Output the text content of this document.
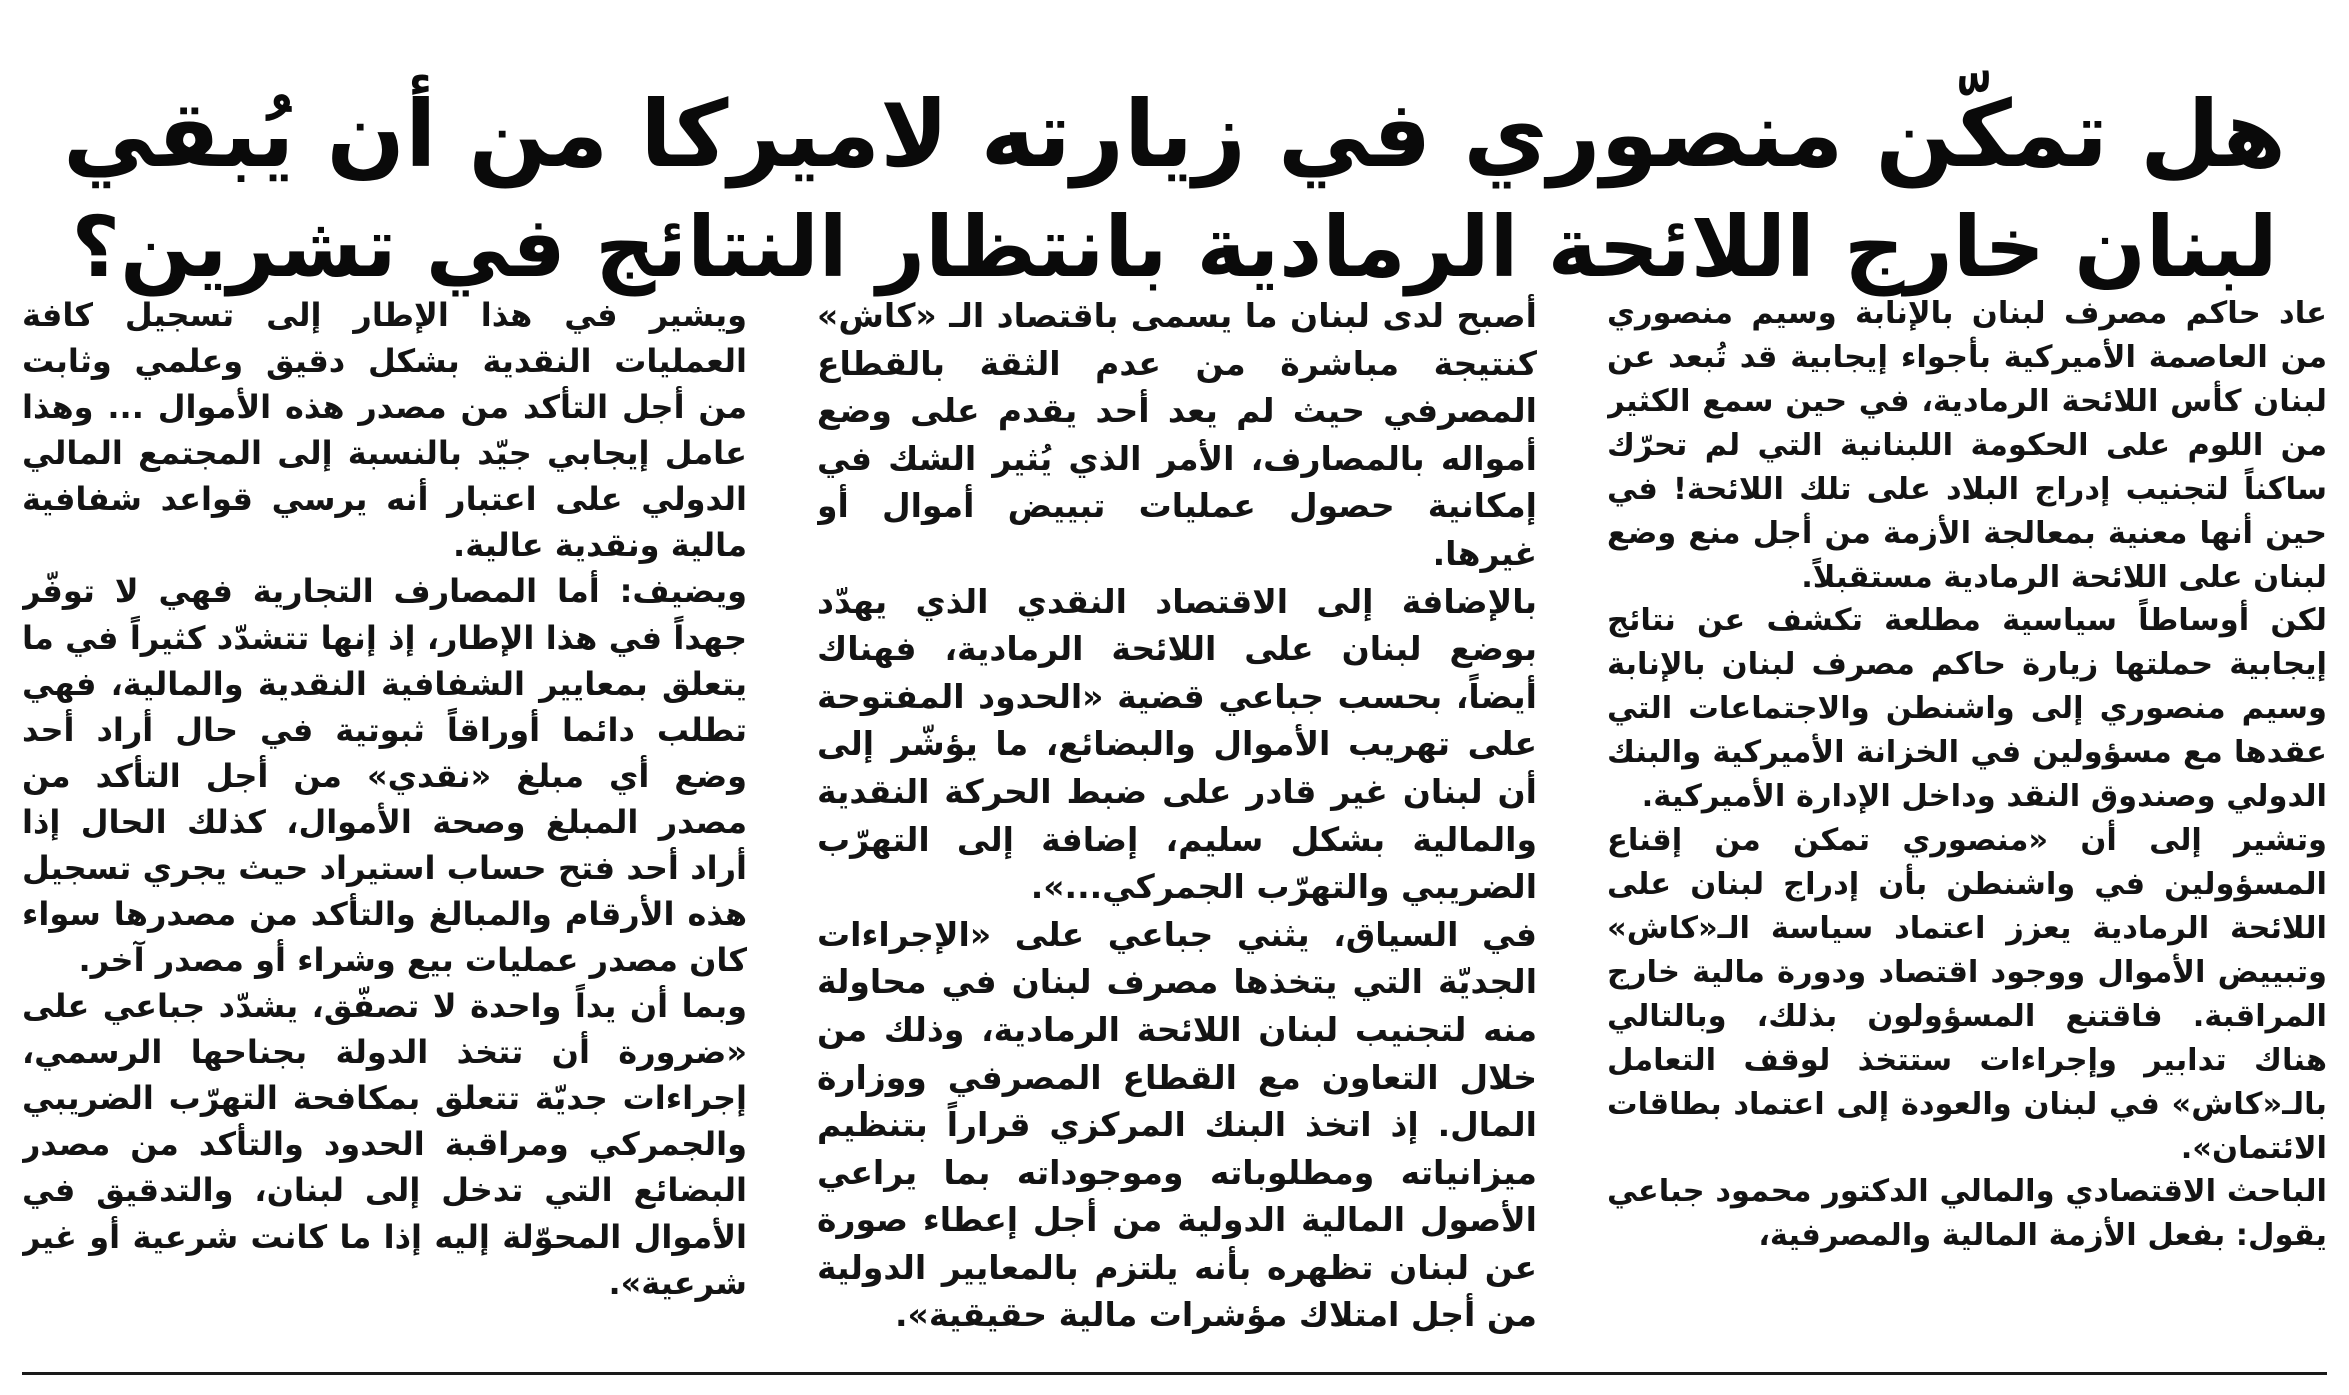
هل تمكّن منصوري في زيارته لاميركا من أن يُبقي
لبنان خارج اللائحة الرمادية بانتظار النتائج في تشرين؟

عاد حاكم مصرف لبنان بالإنابة وسيم منصوري من العاصمة الأميركية بأجواء إيجابية قد تُبعد عن لبنان كأس اللائحة الرمادية، في حين سمع الكثير من اللوم على الحكومة اللبنانية التي لم تحرّك ساكناً لتجنيب إدراج البلاد على تلك اللائحة! في حين أنها معنية بمعالجة الأزمة من أجل منع وضع لبنان على اللائحة الرمادية مستقبلاً.

لكن أوساطاً سياسية مطلعة تكشف عن نتائج إيجابية حملتها زيارة حاكم مصرف لبنان بالإنابة وسيم منصوري إلى واشنطن والاجتماعات التي عقدها مع مسؤولين في الخزانة الأميركية والبنك الدولي وصندوق النقد وداخل الإدارة الأميركية.

وتشير إلى أن «منصوري تمكن من إقناع المسؤولين في واشنطن بأن إدراج لبنان على اللائحة الرمادية يعزز اعتماد سياسة الـ«كاش» وتبييض الأموال ووجود اقتصاد ودورة مالية خارج المراقبة. فاقتنع المسؤولون بذلك، وبالتالي هناك تدابير وإجراءات ستتخذ لوقف التعامل بالـ«كاش» في لبنان والعودة إلى اعتماد بطاقات الائتمان».

الباحث الاقتصادي والمالي الدكتور محمود جباعي يقول: بفعل الأزمة المالية والمصرفية،

أصبح لدى لبنان ما يسمى باقتصاد الـ «كاش» كنتيجة مباشرة من عدم الثقة بالقطاع المصرفي حيث لم يعد أحد يقدم على وضع أمواله بالمصارف، الأمر الذي يُثير الشك في إمكانية حصول عمليات تبييض أموال أو غيرها.

بالإضافة إلى الاقتصاد النقدي الذي يهدّد بوضع لبنان على اللائحة الرمادية، فهناك أيضاً، بحسب جباعي قضية «الحدود المفتوحة على تهريب الأموال والبضائع، ما يؤشّر إلى أن لبنان غير قادر على ضبط الحركة النقدية والمالية بشكل سليم، إضافة إلى التهرّب الضريبي والتهرّب الجمركي...».

في السياق، يثني جباعي على «الإجراءات الجديّة التي يتخذها مصرف لبنان في محاولة منه لتجنيب لبنان اللائحة الرمادية، وذلك من خلال التعاون مع القطاع المصرفي ووزارة المال. إذ اتخذ البنك المركزي قراراً بتنظيم ميزانياته ومطلوباته وموجوداته بما يراعي الأصول المالية الدولية من أجل إعطاء صورة عن لبنان تظهره بأنه يلتزم بالمعايير الدولية من أجل امتلاك مؤشرات مالية حقيقية».

ويشير في هذا الإطار إلى تسجيل كافة العمليات النقدية بشكل دقيق وعلمي وثابت من أجل التأكد من مصدر هذه الأموال ... وهذا عامل إيجابي جيّد بالنسبة إلى المجتمع المالي الدولي على اعتبار أنه يرسي قواعد شفافية مالية ونقدية عالية.

ويضيف: أما المصارف التجارية فهي لا توفّر جهداً في هذا الإطار، إذ إنها تتشدّد كثيراً في ما يتعلق بمعايير الشفافية النقدية والمالية، فهي تطلب دائما أوراقاً ثبوتية في حال أراد أحد وضع أي مبلغ «نقدي» من أجل التأكد من مصدر المبلغ وصحة الأموال، كذلك الحال إذا أراد أحد فتح حساب استيراد حيث يجري تسجيل هذه الأرقام والمبالغ والتأكد من مصدرها سواء كان مصدر عمليات بيع وشراء أو مصدر آخر.

وبما أن يداً واحدة لا تصفّق، يشدّد جباعي على «ضرورة أن تتخذ الدولة بجناحها الرسمي، إجراءات جديّة تتعلق بمكافحة التهرّب الضريبي والجمركي ومراقبة الحدود والتأكد من مصدر البضائع التي تدخل إلى لبنان، والتدقيق في الأموال المحوّلة إليه إذا ما كانت شرعية أو غير شرعية».
